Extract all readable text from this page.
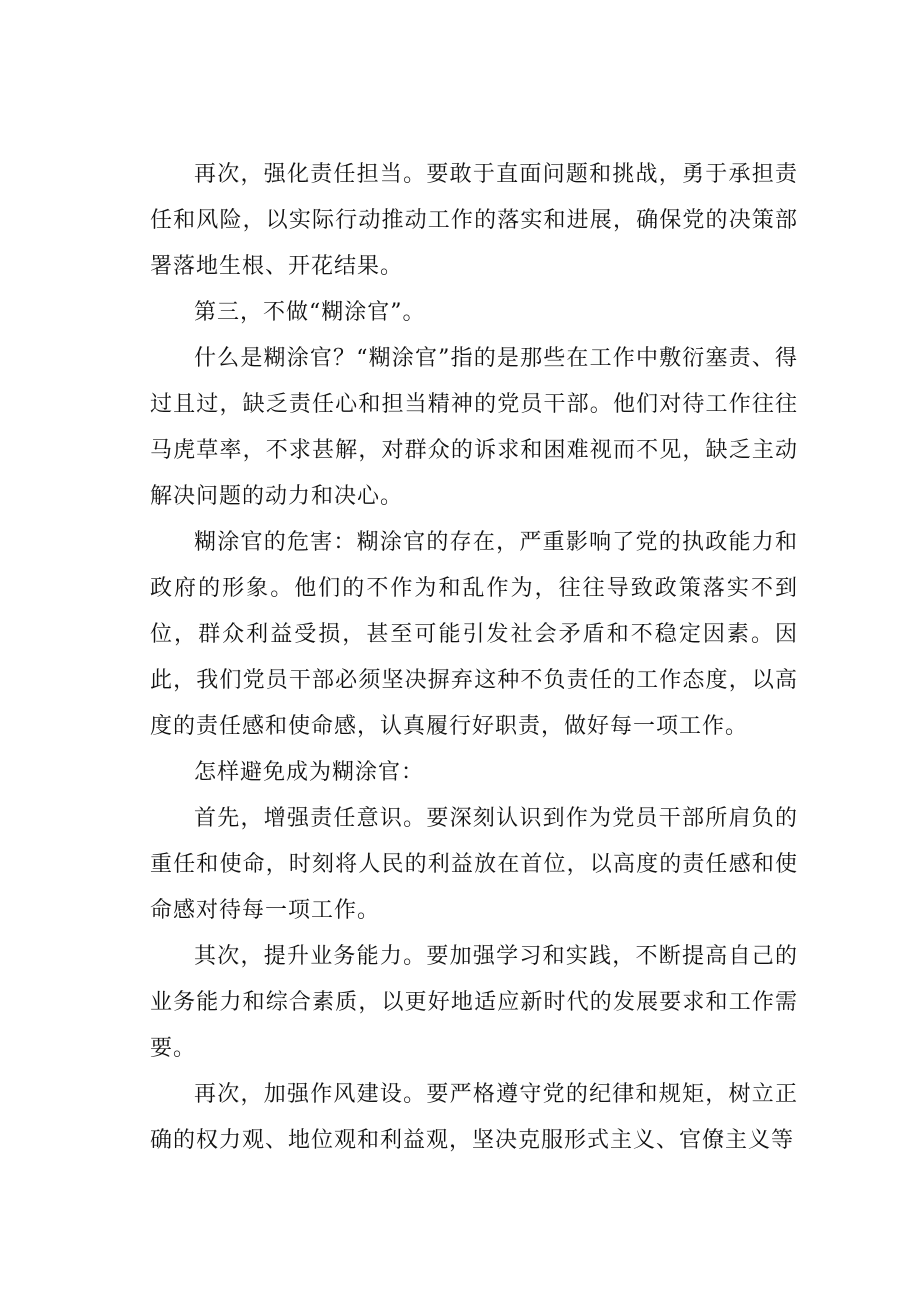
再次，强化责任担当。要敢于直面问题和挑战，勇于承担责任和风险，以实际行动推动工作的落实和进展，确保党的决策部署落地生根、开花结果。

第三，不做“糊涂官”。

什么是糊涂官？“糊涂官”指的是那些在工作中敷衍塞责、得过且过，缺乏责任心和担当精神的党员干部。他们对待工作往往马虎草率，不求甚解，对群众的诉求和困难视而不见，缺乏主动解决问题的动力和决心。

糊涂官的危害：糊涂官的存在，严重影响了党的执政能力和政府的形象。他们的不作为和乱作为，往往导致政策落实不到位，群众利益受损，甚至可能引发社会矛盾和不稳定因素。因此，我们党员干部必须坚决摒弃这种不负责任的工作态度，以高度的责任感和使命感，认真履行好职责，做好每一项工作。

怎样避免成为糊涂官：

首先，增强责任意识。要深刻认识到作为党员干部所肩负的重任和使命，时刻将人民的利益放在首位，以高度的责任感和使命感对待每一项工作。

其次，提升业务能力。要加强学习和实践，不断提高自己的业务能力和综合素质，以更好地适应新时代的发展要求和工作需要。

再次，加强作风建设。要严格遵守党的纪律和规矩，树立正确的权力观、地位观和利益观，坚决克服形式主义、官僚主义等
